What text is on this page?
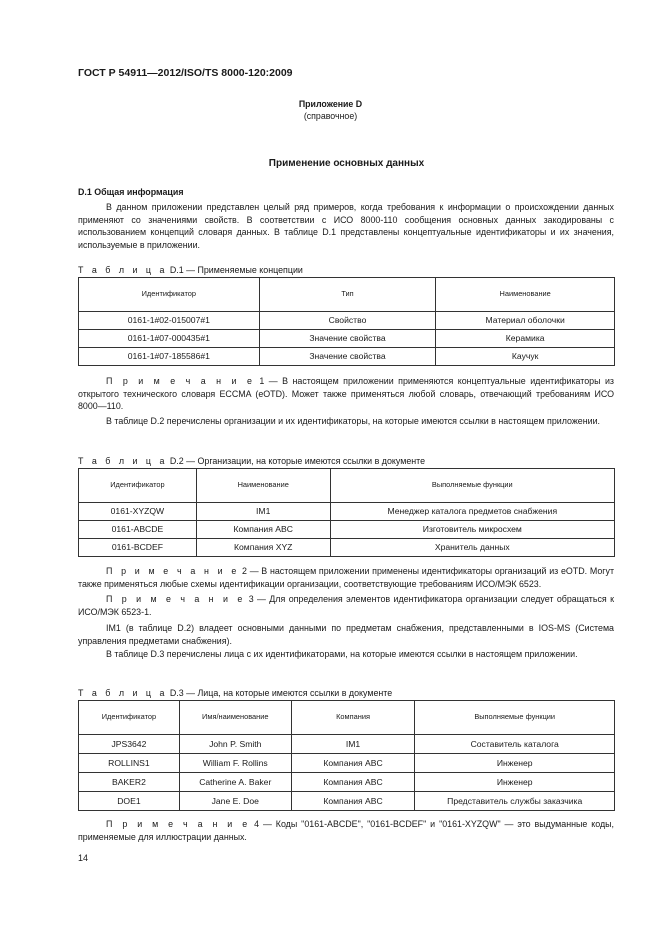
ГОСТ Р 54911—2012/ISO/TS 8000-120:2009
Приложение D
(справочное)
Применение основных данных
D.1 Общая информация
В данном приложении представлен целый ряд примеров, когда требования к информации о происхождении данных применяют со значениями свойств. В соответствии с ИСО 8000-110 сообщения основных данных закодированы с использованием концепций словаря данных. В таблице D.1 представлены концептуальные идентификаторы и их значения, используемые в приложении.
Т а б л и ц а D.1 — Применяемые концепции
Идентификатор	Тип	Наименование
0161-1#02-015007#1	Свойство	Материал оболочки
0161-1#07-000435#1	Значение свойства	Керамика
0161-1#07-185586#1	Значение свойства	Каучук
П р и м е ч а н и е 1 — В настоящем приложении применяются концептуальные идентификаторы из открытого технического словаря ECCMA (eOTD). Может также применяться любой словарь, отвечающий требованиям ИСО 8000—110.
В таблице D.2 перечислены организации и их идентификаторы, на которые имеются ссылки в настоящем приложении.
Т а б л и ц а D.2 — Организации, на которые имеются ссылки в документе
Идентификатор	Наименование	Выполняемые функции
0161-XYZQW	IM1	Менеджер каталога предметов снабжения
0161-ABCDE	Компания ABC	Изготовитель микросхем
0161-BCDEF	Компания XYZ	Хранитель данных
П р и м е ч а н и е 2 — В настоящем приложении применены идентификаторы организаций из eOTD. Могут также применяться любые схемы идентификации организации, соответствующие требованиям ИСО/МЭК 6523.
П р и м е ч а н и е 3 — Для определения элементов идентификатора организации следует обращаться к ИСО/МЭК 6523-1.
IM1 (в таблице D.2) владеет основными данными по предметам снабжения, представленными в IOS-MS (Система управления предметами снабжения).
В таблице D.3 перечислены лица с их идентификаторами, на которые имеются ссылки в настоящем приложении.
Т а б л и ц а D.3 — Лица, на которые имеются ссылки в документе
Идентификатор	Имя/наименование	Компания	Выполняемые функции
JPS3642	John P. Smith	IM1	Составитель каталога
ROLLINS1	William F. Rollins	Компания ABC	Инженер
BAKER2	Catherine A. Baker	Компания ABC	Инженер
DOE1	Jane E. Doe	Компания ABC	Представитель службы заказчика
П р и м е ч а н и е 4 — Коды "0161-ABCDE", "0161-BCDEF" и "0161-XYZQW" — это выдуманные коды, применяемые для иллюстрации данных.
14
